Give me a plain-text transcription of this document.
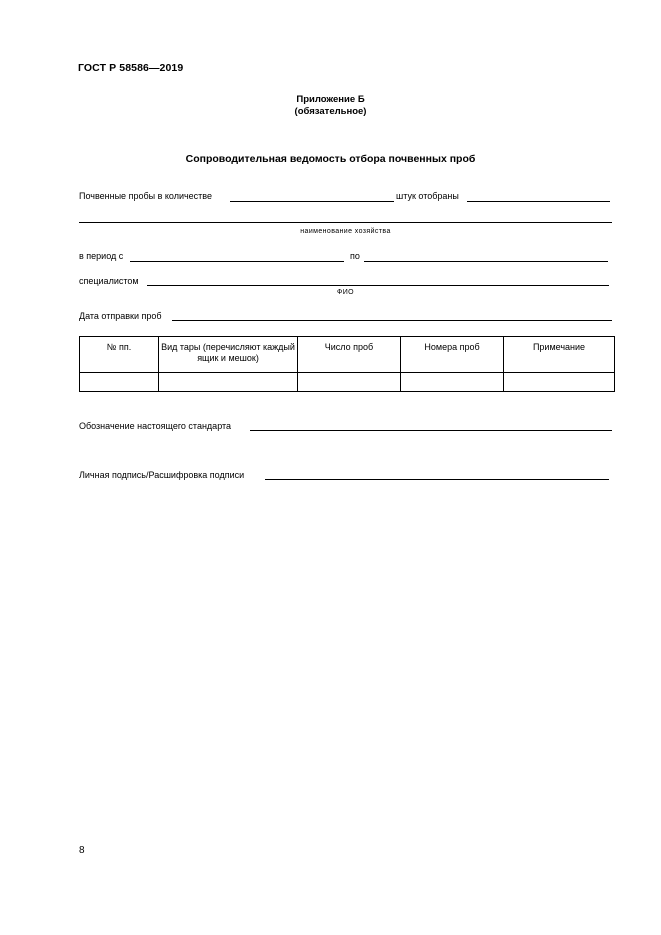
ГОСТ Р 58586—2019
Приложение Б
(обязательное)
Сопроводительная ведомость отбора почвенных проб
Почвенные пробы в количестве	штук отобраны
наименование хозяйства
в период с	по
специалистом
ФИО
Дата отправки проб
№ пп.	Вид тары (перечисляют каждый ящик и мешок)	Число проб	Номера проб	Примечание

Обозначение настоящего стандарта
Личная подпись/Расшифровка подписи
8
